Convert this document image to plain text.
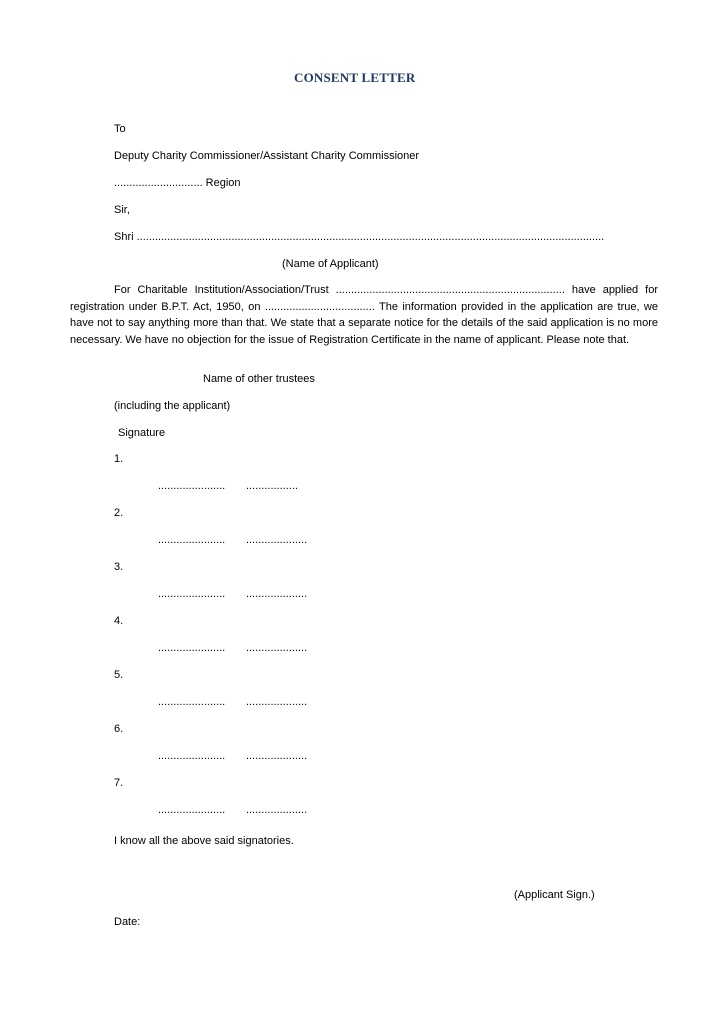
CONSENT LETTER
To
Deputy Charity Commissioner/Assistant Charity Commissioner
............................. Region
Sir,
Shri .........................................................................................................................................................
(Name of Applicant)
For Charitable Institution/Association/Trust ........................................................................... have applied for registration under B.P.T. Act, 1950, on .................................... The information provided in the application are true, we have not to say anything more than that. We state that a separate notice for the details of the said application is no more necessary. We have no objection for the issue of Registration Certificate in the name of applicant. Please note that.
Name of other trustees
(including the applicant)
Signature
1.
...................... .................
2.
...................... ....................
3.
...................... ....................
4.
...................... ....................
5.
...................... ....................
6.
...................... ....................
7.
...................... ....................
I know all the above said signatories.
(Applicant Sign.)
Date:
